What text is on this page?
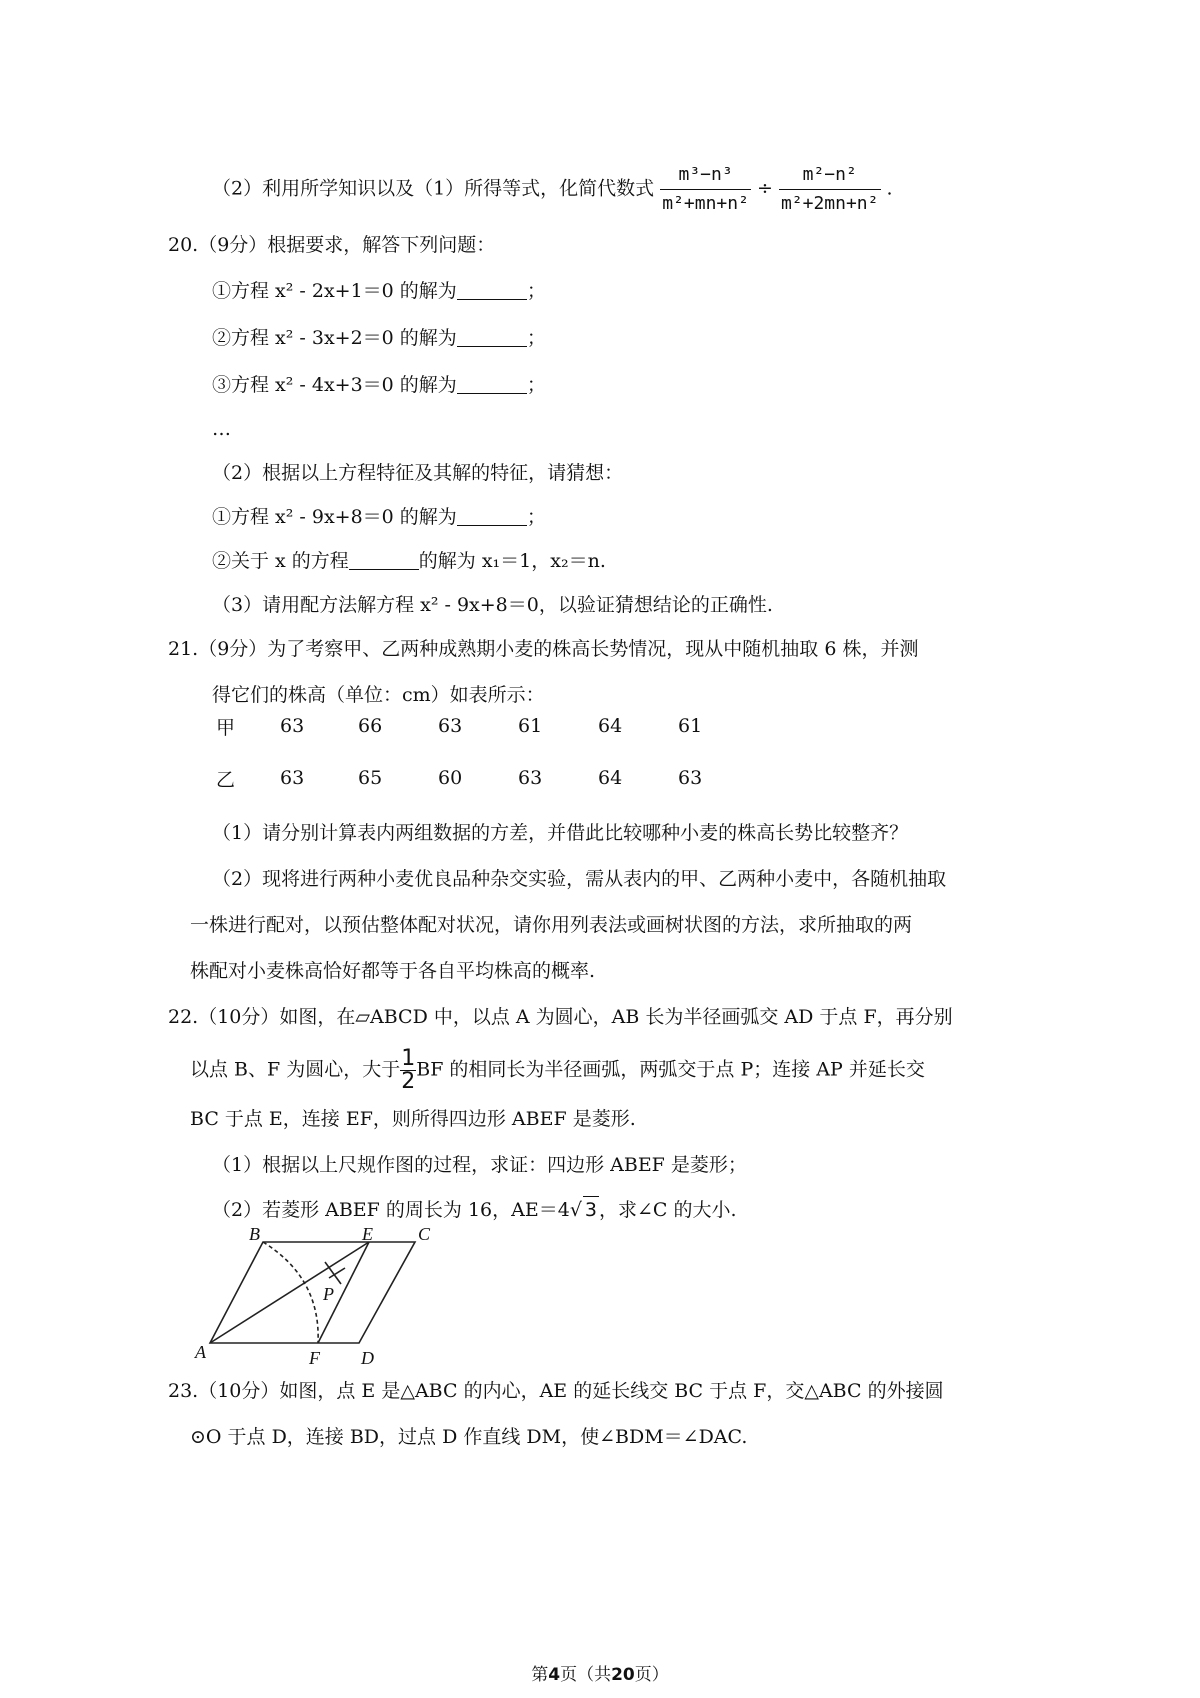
（2）利用所学知识以及（1）所得等式，化简代数式 $\frac{\text{m³−n³}}{\text{m²+mn+n²}} \div \frac{\text{m²−n²}}{\text{m²+2mn+n²}}$ .
20.（9分）根据要求，解答下列问题：
①方程 x² - 2x+1＝0 的解为	；
②方程 x² - 3x+2＝0 的解为	；
③方程 x² - 4x+3＝0 的解为	；
…
（2）根据以上方程特征及其解的特征，请猜想：
①方程 x² - 9x+8＝0 的解为	；
②关于 x 的方程	的解为 x₁＝1，x₂＝n.
（3）请用配方法解方程 x² - 9x+8＝0，以验证猜想结论的正确性.
21.（9分）为了考察甲、乙两种成熟期小麦的株高长势情况，现从中随机抽取 6 株，并测
得它们的株高（单位：cm）如表所示：
甲	63	66	63	61	64	61
乙	63	65	60	63	64	63
（1）请分别计算表内两组数据的方差，并借此比较哪种小麦的株高长势比较整齐？
（2）现将进行两种小麦优良品种杂交实验，需从表内的甲、乙两种小麦中，各随机抽取
一株进行配对，以预估整体配对状况，请你用列表法或画树状图的方法，求所抽取的两
株配对小麦株高恰好都等于各自平均株高的概率.
22.（10分）如图，在▱ABCD 中，以点 A 为圆心，AB 长为半径画弧交 AD 于点 F，再分别
以点 B、F 为圆心，大于 $\frac{1}{2}$ BF 的相同长为半径画弧，两弧交于点 P；连接 AP 并延长交
BC 于点 E，连接 EF，则所得四边形 ABEF 是菱形.
（1）根据以上尺规作图的过程，求证：四边形 ABEF 是菱形；
（2）若菱形 ABEF 的周长为 16，AE＝4√ 3 ，求∠C 的大小.
B	E	C
P
A	F D
23.（10分）如图，点 E 是△ABC 的内心，AE 的延长线交 BC 于点 F，交△ABC 的外接圆
⊙O 于点 D，连接 BD，过点 D 作直线 DM，使∠BDM＝∠DAC.
第4页（共20页）
